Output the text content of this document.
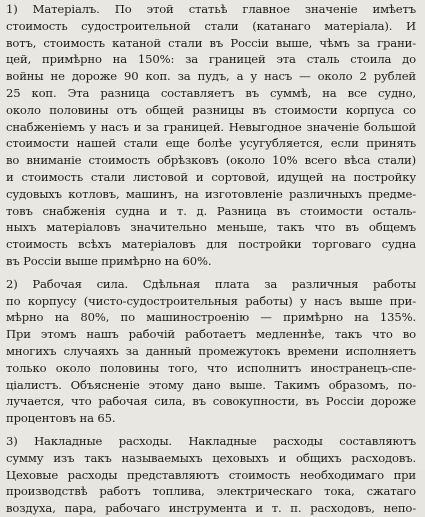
1) Матеріалъ. По этой статьѣ главное значеніе имѣетъ
стоимость судостроительной стали (катанаго матеріала). И
вотъ, стоимость катаной стали въ Россіи выше, чѣмъ за грани-
цей, примѣрно на 150%: за границей эта сталь стоила до
войны не дороже 90 коп. за пудъ, а у насъ — около 2 рублей
25 коп. Эта разница составляетъ въ суммѣ, на все судно,
около половины отъ общей разницы въ стоимости корпуса со
снабженіемъ у насъ и за границей. Невыгодное значеніе большой
стоимости нашей стали еще болѣе усугубляется, если принять
во вниманіе стоимость обрѣзковъ (около 10% всего вѣса стали)
и стоимость стали листовой и сортовой, идущей на постройку
судовыхъ котловъ, машинъ, на изготовленіе различныхъ предме-
товъ снабженія судна и т. д. Разница въ стоимости осталь-
ныхъ матеріаловъ значительно меньше, такъ что въ общемъ
стоимость всѣхъ матеріаловъ для постройки торговаго судна
въ Россіи выше примѣрно на 60%.
2) Рабочая сила. Сдѣльная плата за различныя работы
по корпусу (чисто-судостроительныя работы) у насъ выше при-
мѣрно на 80%, по машиностроенію — примѣрно на 135%.
При этомъ нашъ рабочій работаетъ медленнѣе, такъ что во
многихъ случаяхъ за данный промежутокъ времени исполняетъ
только около половины того, что исполнитъ иностранецъ-спе-
ціалистъ. Объясненіе этому дано выше. Такимъ образомъ, по-
лучается, что рабочая сила, въ совокупности, въ Россіи дороже
процентовъ на 65.
3) Накладные расходы. Накладные расходы составляютъ
сумму изъ такъ называемыхъ цеховыхъ и общихъ расходовъ.
Цеховые расходы представляютъ стоимость необходимаго при
производствѣ работъ топлива, электрическаго тока, сжатаго
воздуха, пара, рабочаго инструмента и т. п. расходовъ, непо-
